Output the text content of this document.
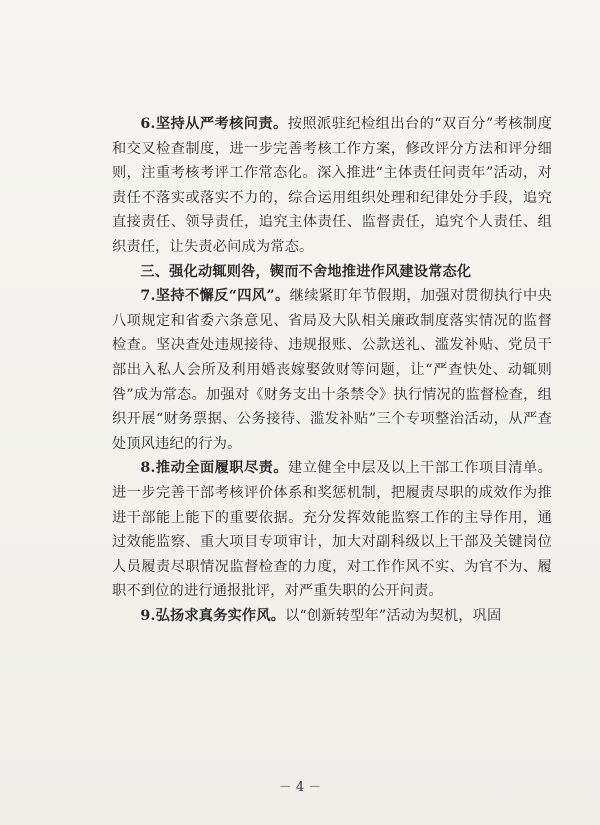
6.坚持从严考核问责。按照派驻纪检组出台的“双百分”考核制度和交叉检查制度，进一步完善考核工作方案，修改评分方法和评分细则，注重考核考评工作常态化。深入推进“主体责任问责年”活动，对责任不落实或落实不力的，综合运用组织处理和纪律处分手段，追究直接责任、领导责任，追究主体责任、监督责任，追究个人责任、组织责任，让失责必问成为常态。

三、强化动辄则咎，锲而不舍地推进作风建设常态化

7.坚持不懈反“四风”。继续紧盯年节假期，加强对贯彻执行中央八项规定和省委六条意见、省局及大队相关廉政制度落实情况的监督检查。坚决查处违规接待、违规报账、公款送礼、滥发补贴、党员干部出入私人会所及利用婚丧嫁娶敛财等问题，让“严查快处、动辄则咎”成为常态。加强对《财务支出十条禁令》执行情况的监督检查，组织开展“财务票据、公务接待、滥发补贴”三个专项整治活动，从严查处顶风违纪的行为。

8.推动全面履职尽责。建立健全中层及以上干部工作项目清单。进一步完善干部考核评价体系和奖惩机制，把履责尽职的成效作为推进干部能上能下的重要依据。充分发挥效能监察工作的主导作用，通过效能监察、重大项目专项审计，加大对副科级以上干部及关键岗位人员履责尽职情况监督检查的力度，对工作作风不实、为官不为、履职不到位的进行通报批评，对严重失职的公开问责。

9.弘扬求真务实作风。以“创新转型年”活动为契机，巩固

－ 4 －
